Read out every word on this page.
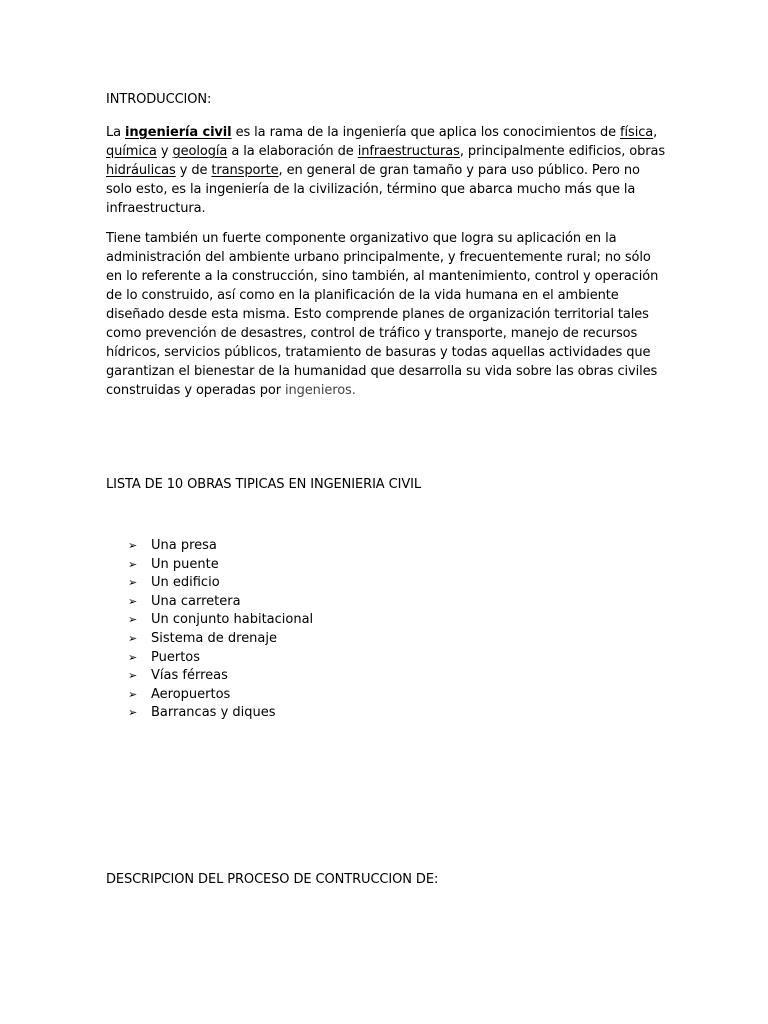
INTRODUCCION:
La ingeniería civil es la rama de la ingeniería que aplica los conocimientos de física, química y geología a la elaboración de infraestructuras, principalmente edificios, obras hidráulicas y de transporte, en general de gran tamaño y para uso público. Pero no solo esto, es la ingeniería de la civilización, término que abarca mucho más que la infraestructura.
Tiene también un fuerte componente organizativo que logra su aplicación en la administración del ambiente urbano principalmente, y frecuentemente rural; no sólo en lo referente a la construcción, sino también, al mantenimiento, control y operación de lo construido, así como en la planificación de la vida humana en el ambiente diseñado desde esta misma. Esto comprende planes de organización territorial tales como prevención de desastres, control de tráfico y transporte, manejo de recursos hídricos, servicios públicos, tratamiento de basuras y todas aquellas actividades que garantizan el bienestar de la humanidad que desarrolla su vida sobre las obras civiles construidas y operadas por ingenieros.
LISTA DE 10 OBRAS TIPICAS EN INGENIERIA CIVIL
➢ Una presa
➢ Un puente
➢ Un edificio
➢ Una carretera
➢ Un conjunto habitacional
➢ Sistema de drenaje
➢ Puertos
➢ Vías férreas
➢ Aeropuertos
➢ Barrancas y diques
DESCRIPCION DEL PROCESO DE CONTRUCCION DE:
